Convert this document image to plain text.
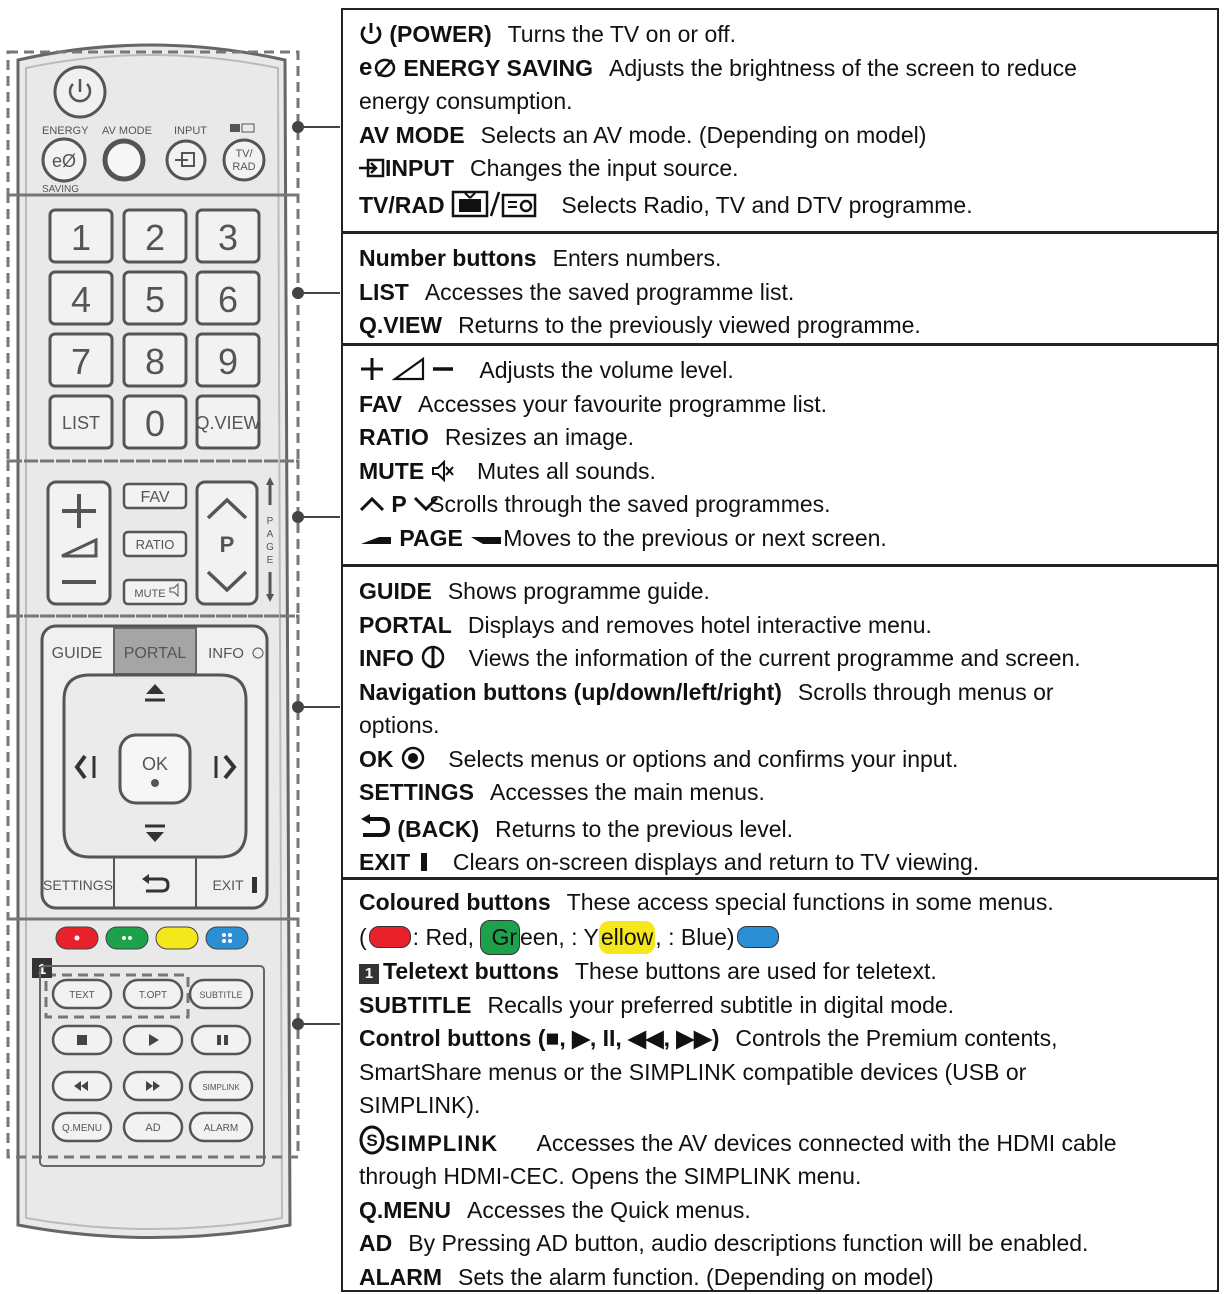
ENERGY AV MODE INPUT
SAVING
eØ	TV/
RAD
1 2 3
4 5 6
7 8 9
LIST 0 Q.VIEW
FAV
RATIO
MUTE
P
P
A
G
E
GUIDE PORTAL INFO
OK
SETTINGS	EXIT
1
TEXT	T.OPT	SUBTITLE
SIMPLINK
Q.MENU	AD	ALARM
(POWER) Turns the TV on or off.
e ENERGY SAVING Adjusts the brightness of the screen to reduce
energy consumption.
AV MODE Selects an AV mode. (Depending on model)
INPUT Changes the input source.
TV/RAD	Selects Radio, TV and DTV programme.
Number buttons Enters numbers.
LIST Accesses the saved programme list.
Q.VIEW Returns to the previously viewed programme.
Adjusts the volume level.
FAV Accesses your favourite programme list.
RATIO Resizes an image.
MUTE Mutes all sounds.
P Scrolls through the saved programmes.
PAGE Moves to the previous or next screen.
GUIDE Shows programme guide.
PORTAL Displays and removes hotel interactive menu.
INFO Views the information of the current programme and screen.
Navigation buttons (up/down/left/right) Scrolls through menus or
options.
OK Selects menus or options and confirms your input.
SETTINGS Accesses the main menus.
(BACK) Returns to the previous level.
EXIT Clears on-screen displays and return to TV viewing.
Coloured buttons These access special functions in some menus.
( : Red, Gr een, : Yellow, : Blue)
1 Teletext buttons These buttons are used for teletext.
SUBTITLE Recalls your preferred subtitle in digital mode.
Control buttons (■, ▶, II, ◀◀, ▶▶) Controls the Premium contents,
SmartShare menus or the SIMPLINK compatible devices (USB or
SIMPLINK).
S SIMPLINK Accesses the AV devices connected with the HDMI cable
through HDMI-CEC. Opens the SIMPLINK menu.
Q.MENU Accesses the Quick menus.
AD By Pressing AD button, audio descriptions function will be enabled.
ALARM Sets the alarm function. (Depending on model)
